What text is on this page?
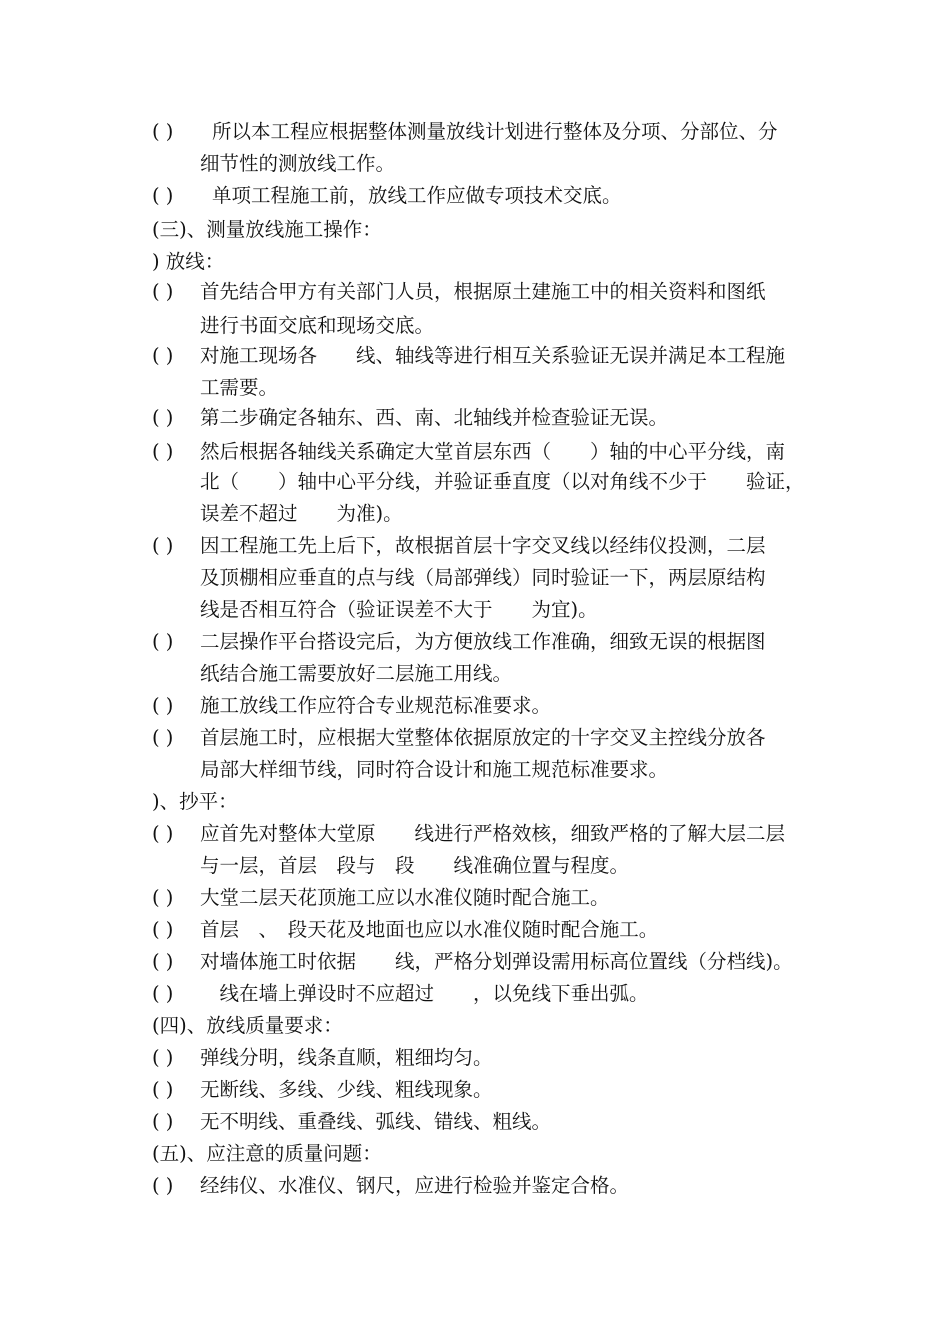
( ) 所以本工程应根据整体测量放线计划进行整体及分项、分部位、分
细节性的测放线工作。
( ) 单项工程施工前，放线工作应做专项技术交底。
(三)、测量放线施工操作：
) 放线：
( ) 首先结合甲方有关部门人员，根据原土建施工中的相关资料和图纸
进行书面交底和现场交底。
( ) 对施工现场各　　线、轴线等进行相互关系验证无误并满足本工程施
工需要。
( ) 第二步确定各轴东、西、南、北轴线并检查验证无误。
( ) 然后根据各轴线关系确定大堂首层东西（　　）轴的中心平分线，南
北（　　）轴中心平分线，并验证垂直度（以对角线不少于　　验证，
误差不超过　　为准)。
( ) 因工程施工先上后下，故根据首层十字交叉线以经纬仪投测，二层
及顶棚相应垂直的点与线（局部弹线）同时验证一下，两层原结构
线是否相互符合（验证误差不大于　　为宜)。
( ) 二层操作平台搭设完后，为方便放线工作准确，细致无误的根据图
纸结合施工需要放好二层施工用线。
( ) 施工放线工作应符合专业规范标准要求。
( ) 首层施工时，应根据大堂整体依据原放定的十字交叉主控线分放各
局部大样细节线，同时符合设计和施工规范标准要求。
)、抄平：
( ) 应首先对整体大堂原　　线进行严格效核，细致严格的了解大层二层
与一层，首层　段与　段　　线准确位置与程度。
( ) 大堂二层天花顶施工应以水准仪随时配合施工。
( ) 首层　、　段天花及地面也应以水准仪随时配合施工。
( ) 对墙体施工时依据　　线，严格分划弹设需用标高位置线（分档线)。
( ) 　线在墙上弹设时不应超过　　，以免线下垂出弧。
(四)、放线质量要求：
( ) 弹线分明，线条直顺，粗细均匀。
( ) 无断线、多线、少线、粗线现象。
( ) 无不明线、重叠线、弧线、错线、粗线。
(五)、应注意的质量问题：
( ) 经纬仪、水准仪、钢尺，应进行检验并鉴定合格。
